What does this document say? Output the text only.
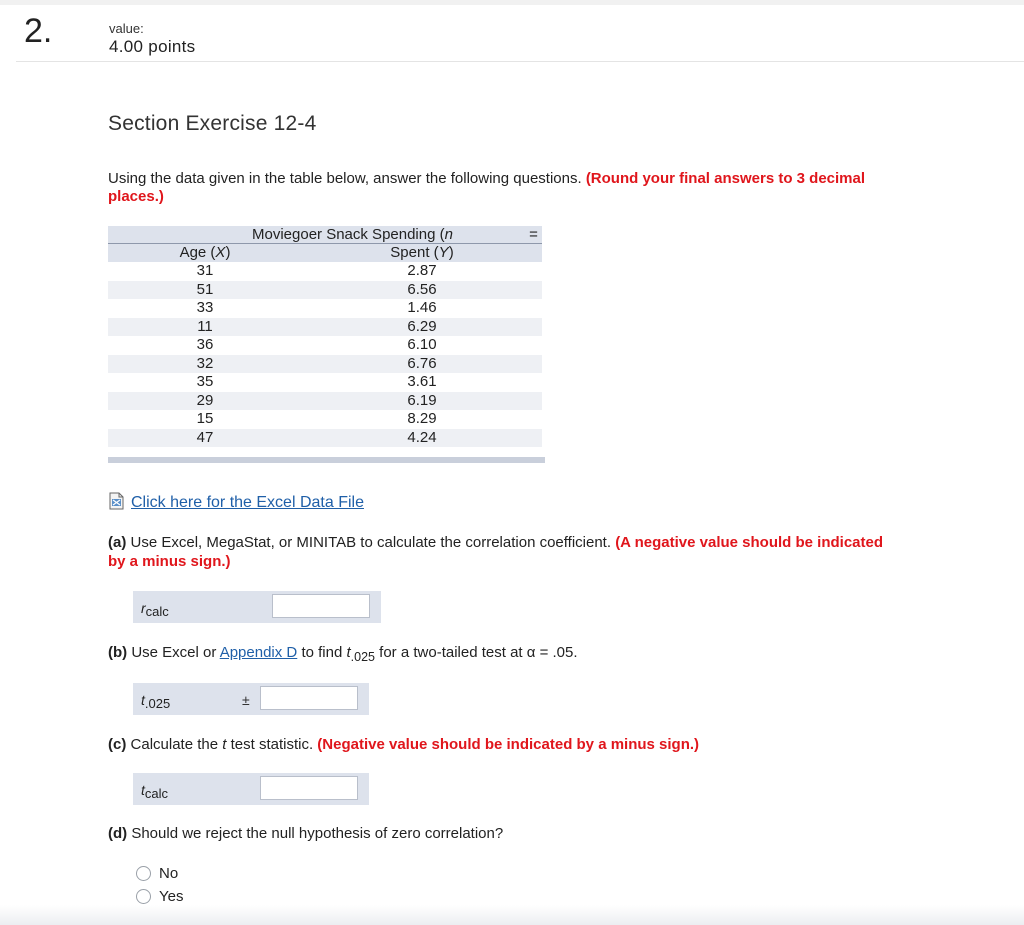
2.	value:
4.00 points
Section Exercise 12-4
Using the data given in the table below, answer the following questions. (Round your final answers to 3 decimal places.)
Moviegoer Snack Spending (n	=
Age (X)	Spent (Y)
31	2.87
51	6.56
33	1.46
11	6.29
36	6.10
32	6.76
35	3.61
29	6.19
15	8.29
47	4.24
Click here for the Excel Data File
(a) Use Excel, MegaStat, or MINITAB to calculate the correlation coefficient. (A negative value should be indicated by a minus sign.)
$r_{calc}$
(b) Use Excel or Appendix D to find $t_{.025}$ for a two-tailed test at α = .05.
$t_{.025}$	±
(c) Calculate the t test statistic. (Negative value should be indicated by a minus sign.)
$t_{calc}$
(d) Should we reject the null hypothesis of zero correlation?
No
Yes
